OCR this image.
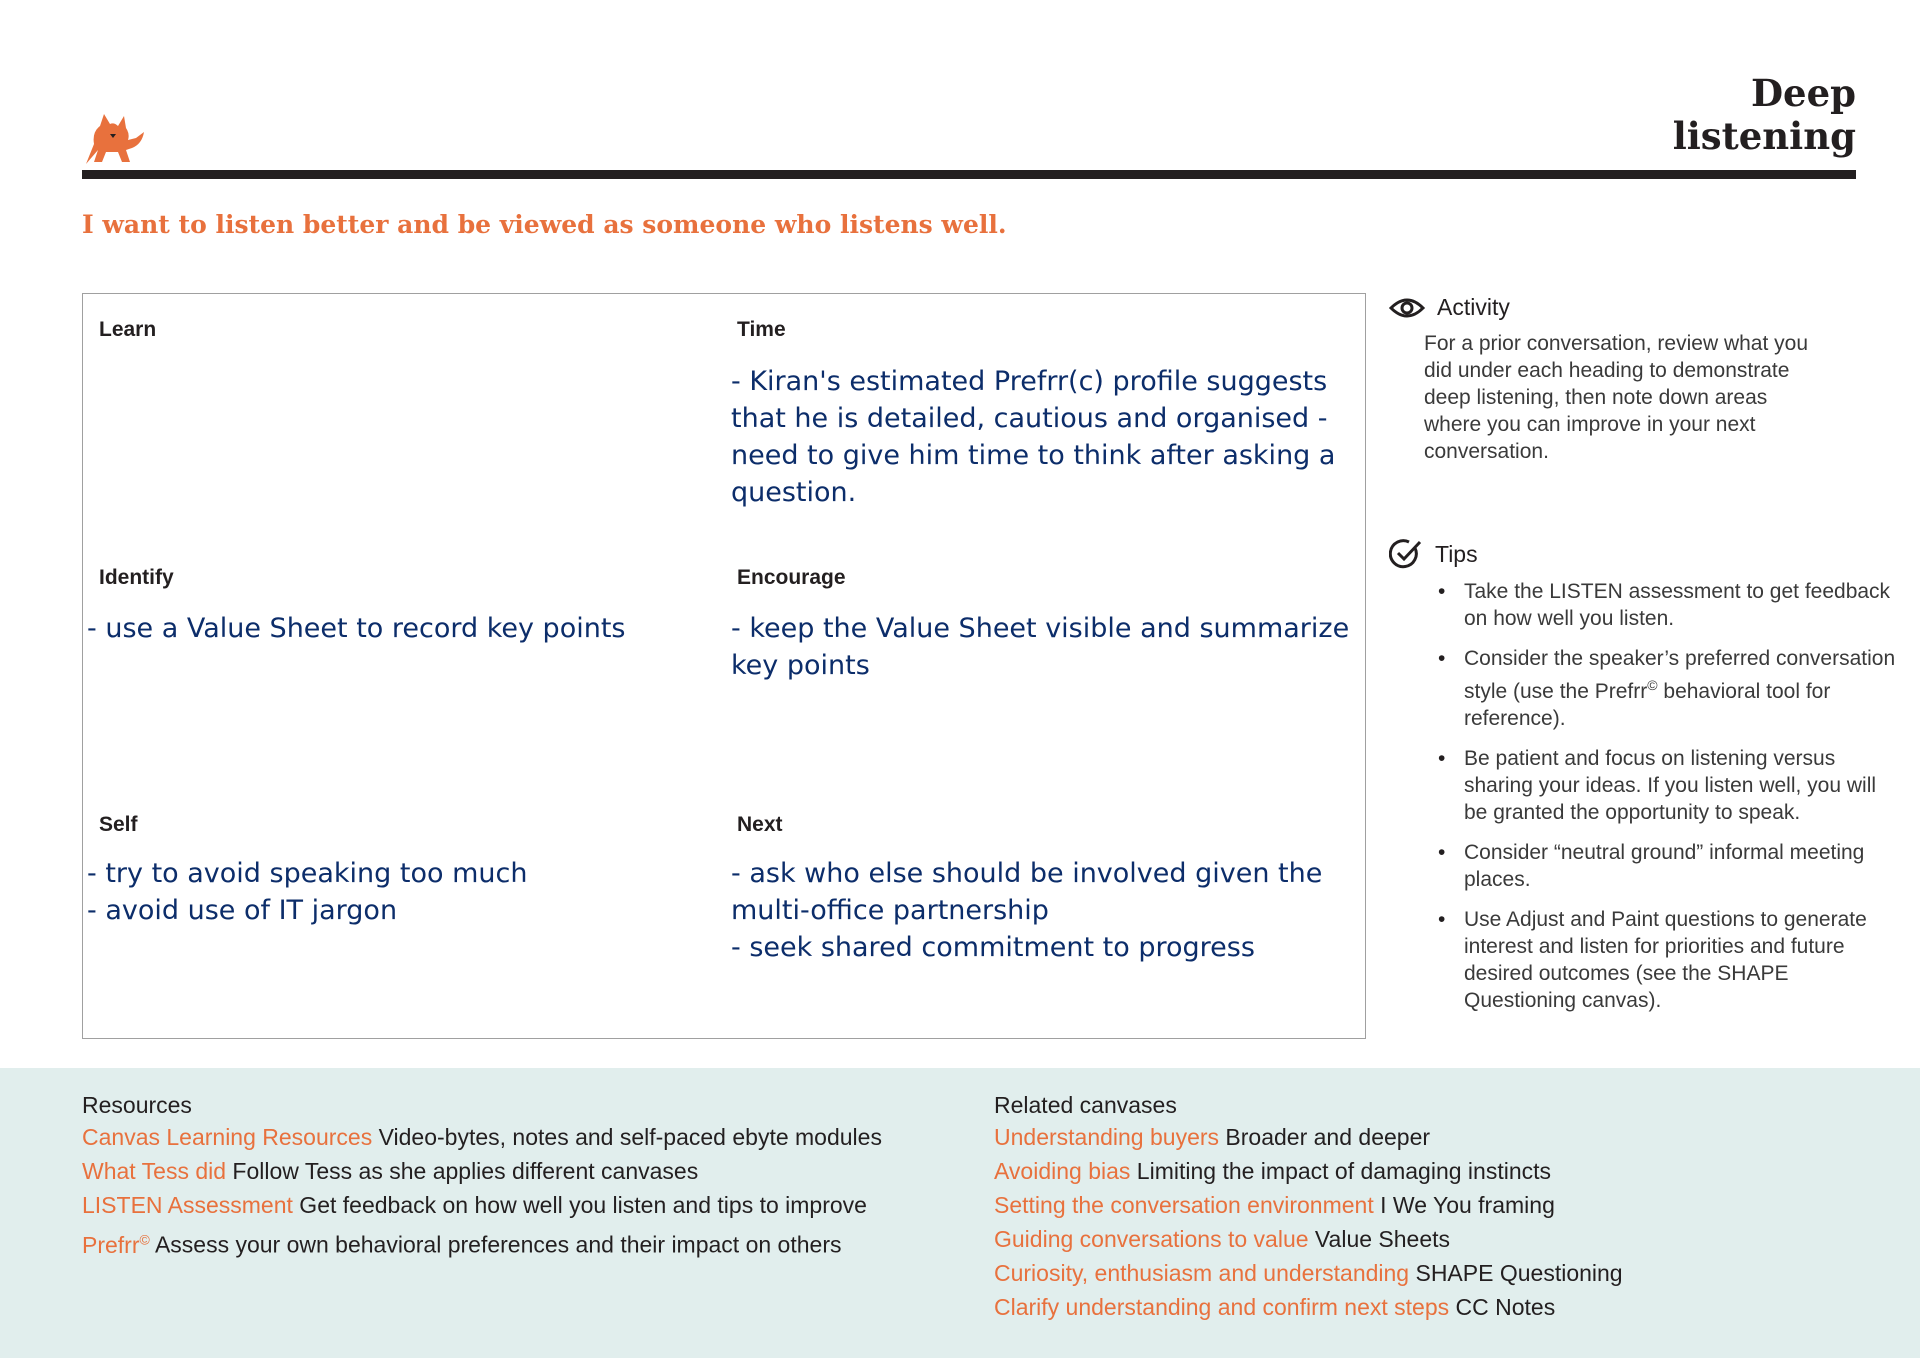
Deep
listening
I want to listen better and be viewed as someone who listens well.
Learn	Time
- Kiran's estimated Prefrr(c) profile suggests
that he is detailed, cautious and organised -
need to give him time to think after asking a
question.
Identify
- use a Value Sheet to record key points
Encourage
- keep the Value Sheet visible and summarize
key points
Self
- try to avoid speaking too much
- avoid use of IT jargon
Next
- ask who else should be involved given the
multi-office partnership
- seek shared commitment to progress
Activity
For a prior conversation, review what you did under each heading to demonstrate deep listening, then note down areas where you can improve in your next conversation.
Tips
• Take the LISTEN assessment to get feedback on how well you listen.
• Consider the speaker’s preferred conversation style (use the Prefrr© behavioral tool for reference).
• Be patient and focus on listening versus sharing your ideas. If you listen well, you will be granted the opportunity to speak.
• Consider “neutral ground” informal meeting places.
• Use Adjust and Paint questions to generate interest and listen for priorities and future desired outcomes (see the SHAPE Questioning canvas).
Resources
Canvas Learning Resources Video-bytes, notes and self-paced ebyte modules
What Tess did Follow Tess as she applies different canvases
LISTEN Assessment Get feedback on how well you listen and tips to improve
Prefrr© Assess your own behavioral preferences and their impact on others
Related canvases
Understanding buyers Broader and deeper
Avoiding bias Limiting the impact of damaging instincts
Setting the conversation environment I We You framing
Guiding conversations to value Value Sheets
Curiosity, enthusiasm and understanding SHAPE Questioning
Clarify understanding and confirm next steps CC Notes
